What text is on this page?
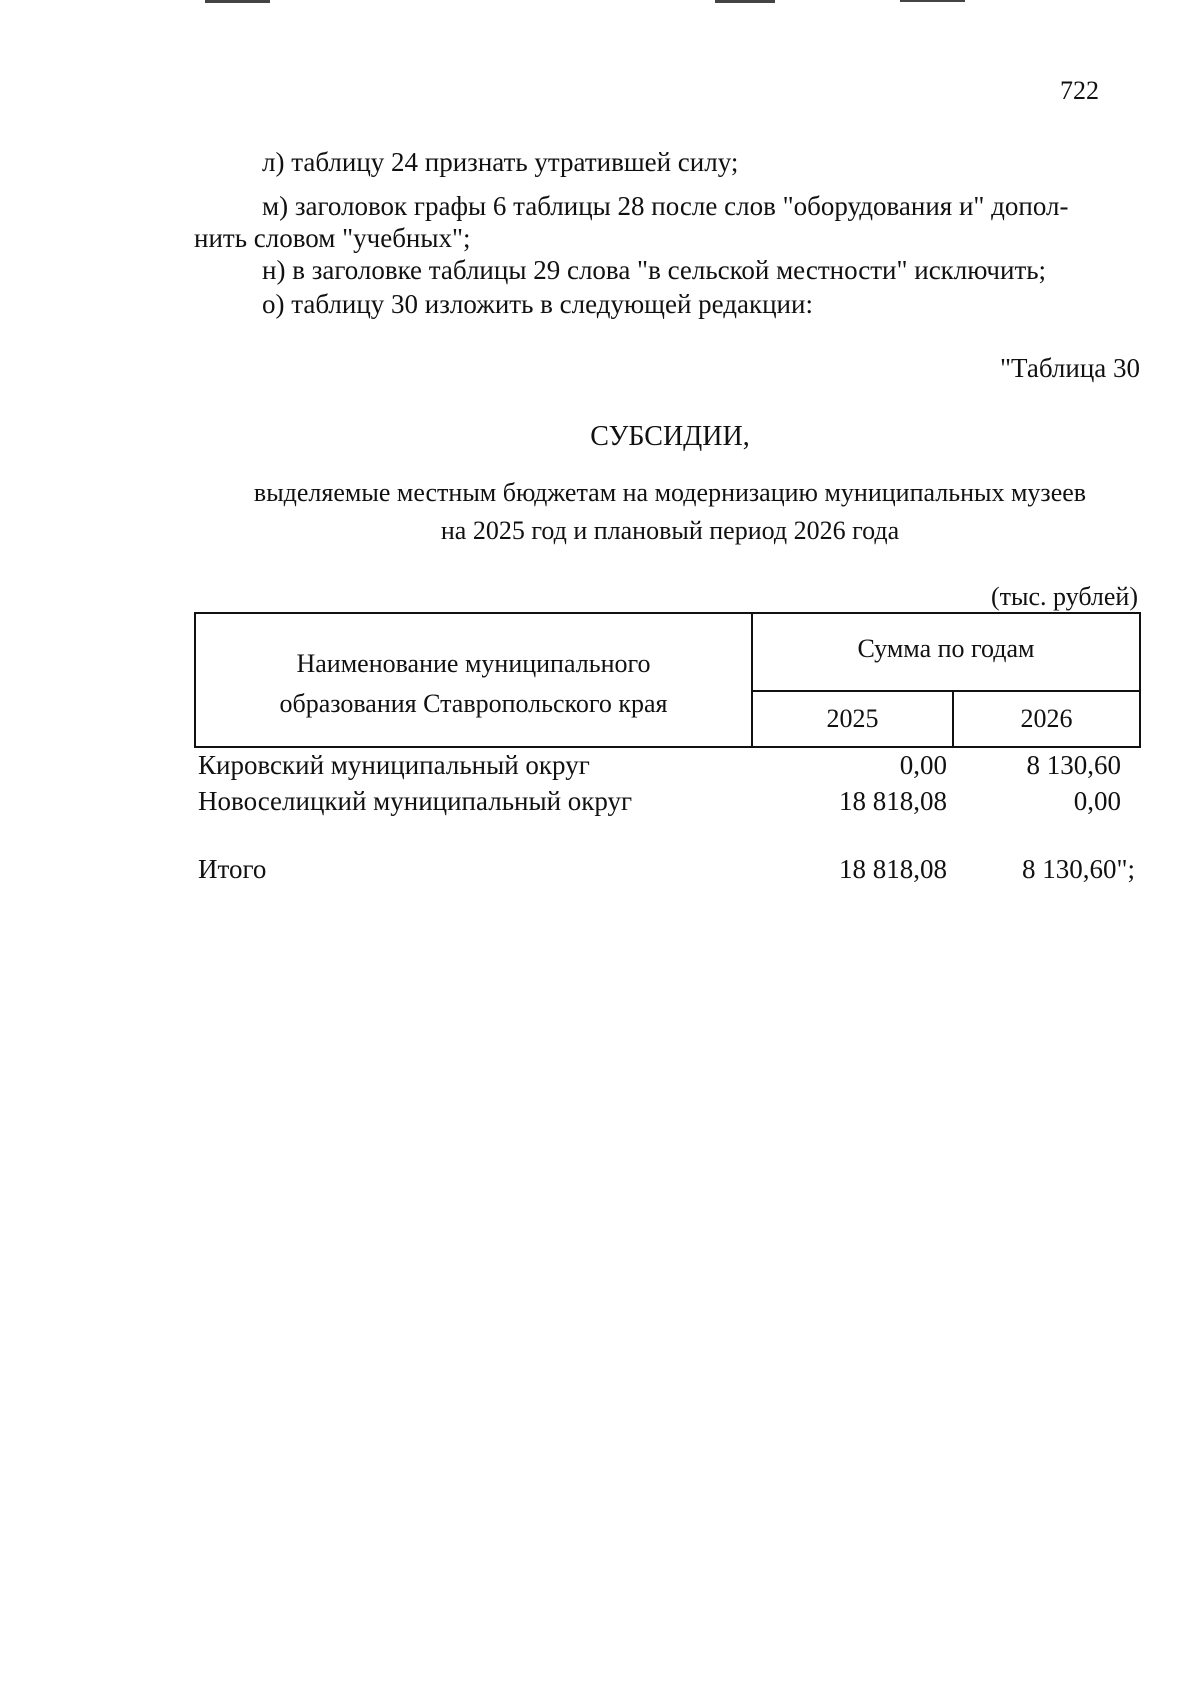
722
л) таблицу 24 признать утратившей силу;
м) заголовок графы 6 таблицы 28 после слов "оборудования и" допол-
нить словом "учебных";
н) в заголовке таблицы 29 слова "в сельской местности" исключить;
о) таблицу 30 изложить в следующей редакции:
"Таблица 30
СУБСИДИИ,
выделяемые местным бюджетам на модернизацию муниципальных музеев
на 2025 год и плановый период 2026 года
(тыс. рублей)
Наименование муниципального
образования Ставропольского края
Сумма по годам
2025	2026
Кировский муниципальный округ	0,00	8 130,60
Новоселицкий муниципальный округ	18 818,08	0,00
Итого	18 818,08	8 130,60";
